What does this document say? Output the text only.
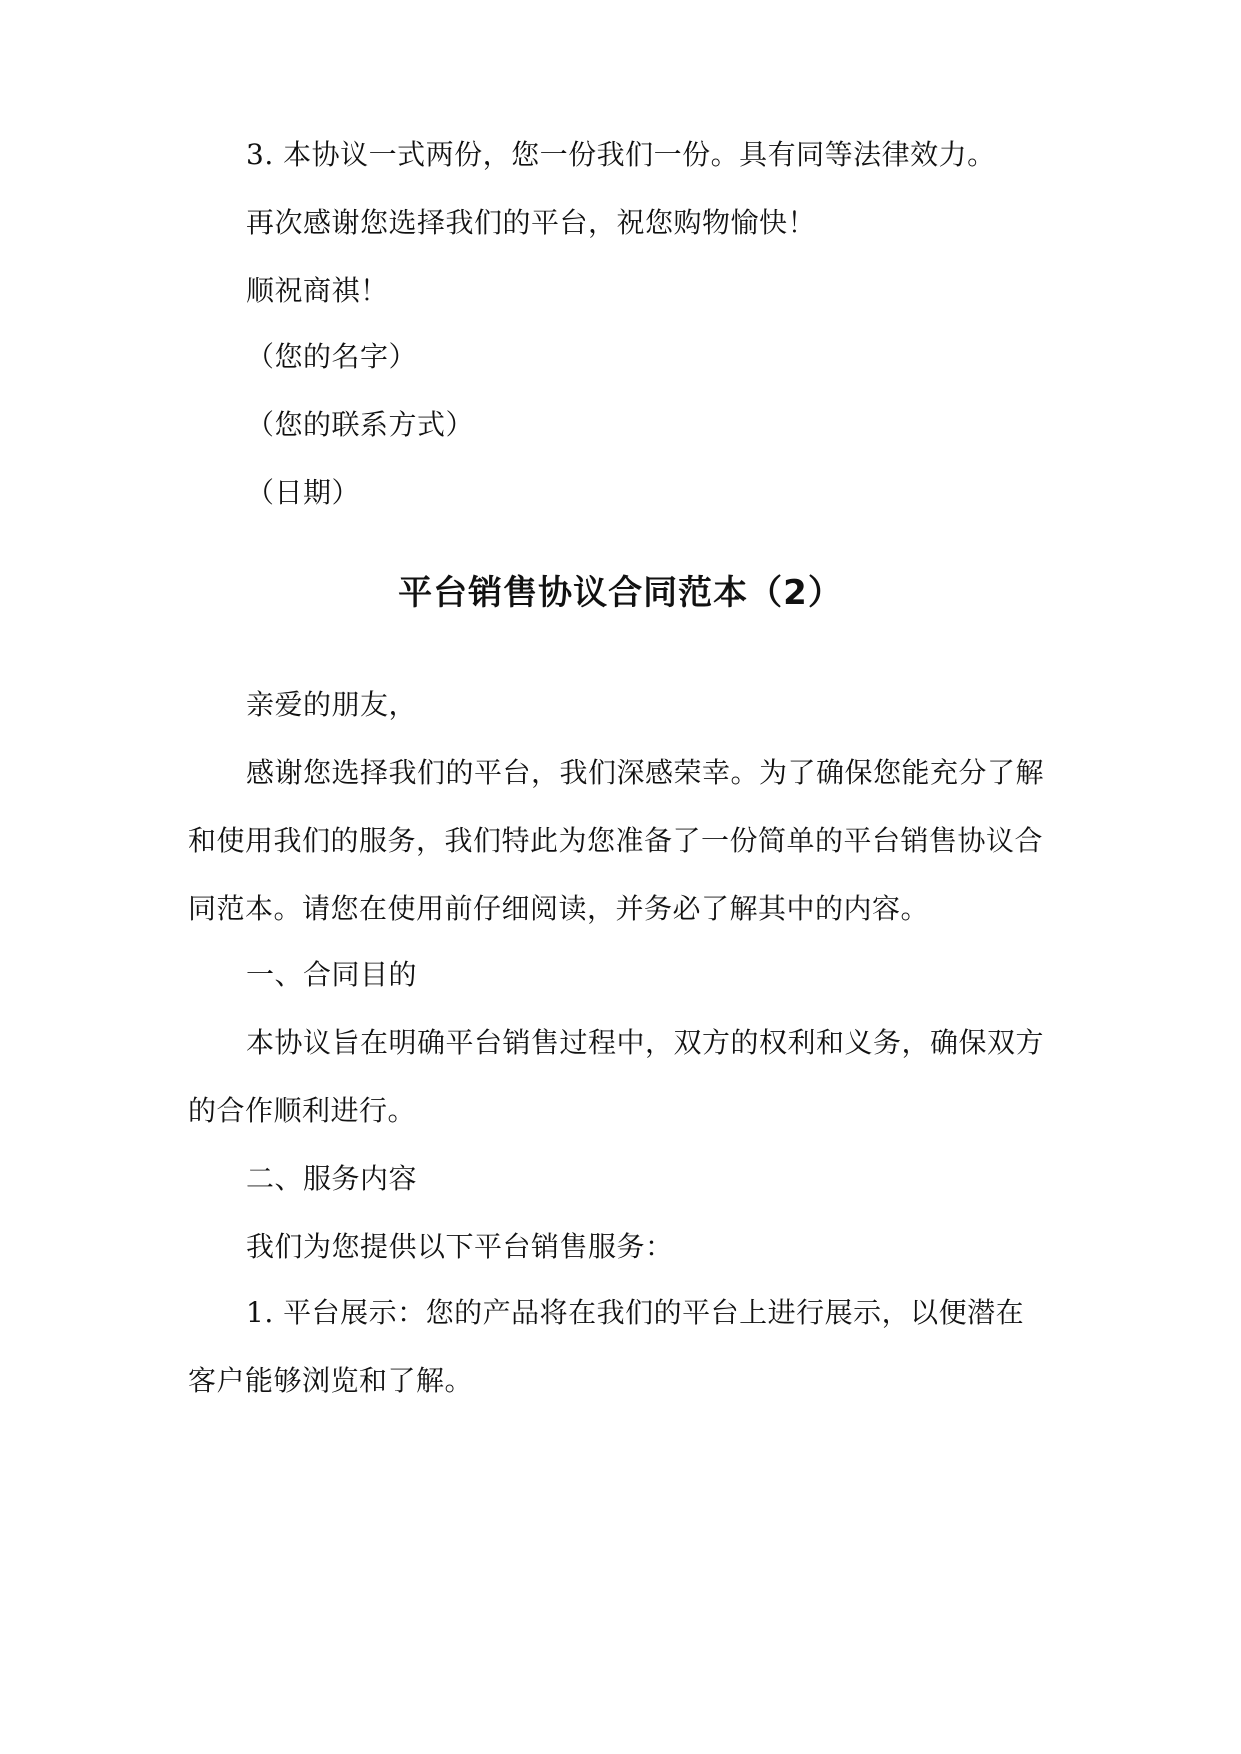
3. 本协议一式两份，您一份我们一份。具有同等法律效力。
再次感谢您选择我们的平台，祝您购物愉快！
顺祝商祺！
（您的名字）
（您的联系方式）
（日期）
平台销售协议合同范本（2）
亲爱的朋友，
感谢您选择我们的平台，我们深感荣幸。为了确保您能充分了解
和使用我们的服务，我们特此为您准备了一份简单的平台销售协议合
同范本。请您在使用前仔细阅读，并务必了解其中的内容。
一、合同目的
本协议旨在明确平台销售过程中，双方的权利和义务，确保双方
的合作顺利进行。
二、服务内容
我们为您提供以下平台销售服务：
1. 平台展示：您的产品将在我们的平台上进行展示，以便潜在
客户能够浏览和了解。
